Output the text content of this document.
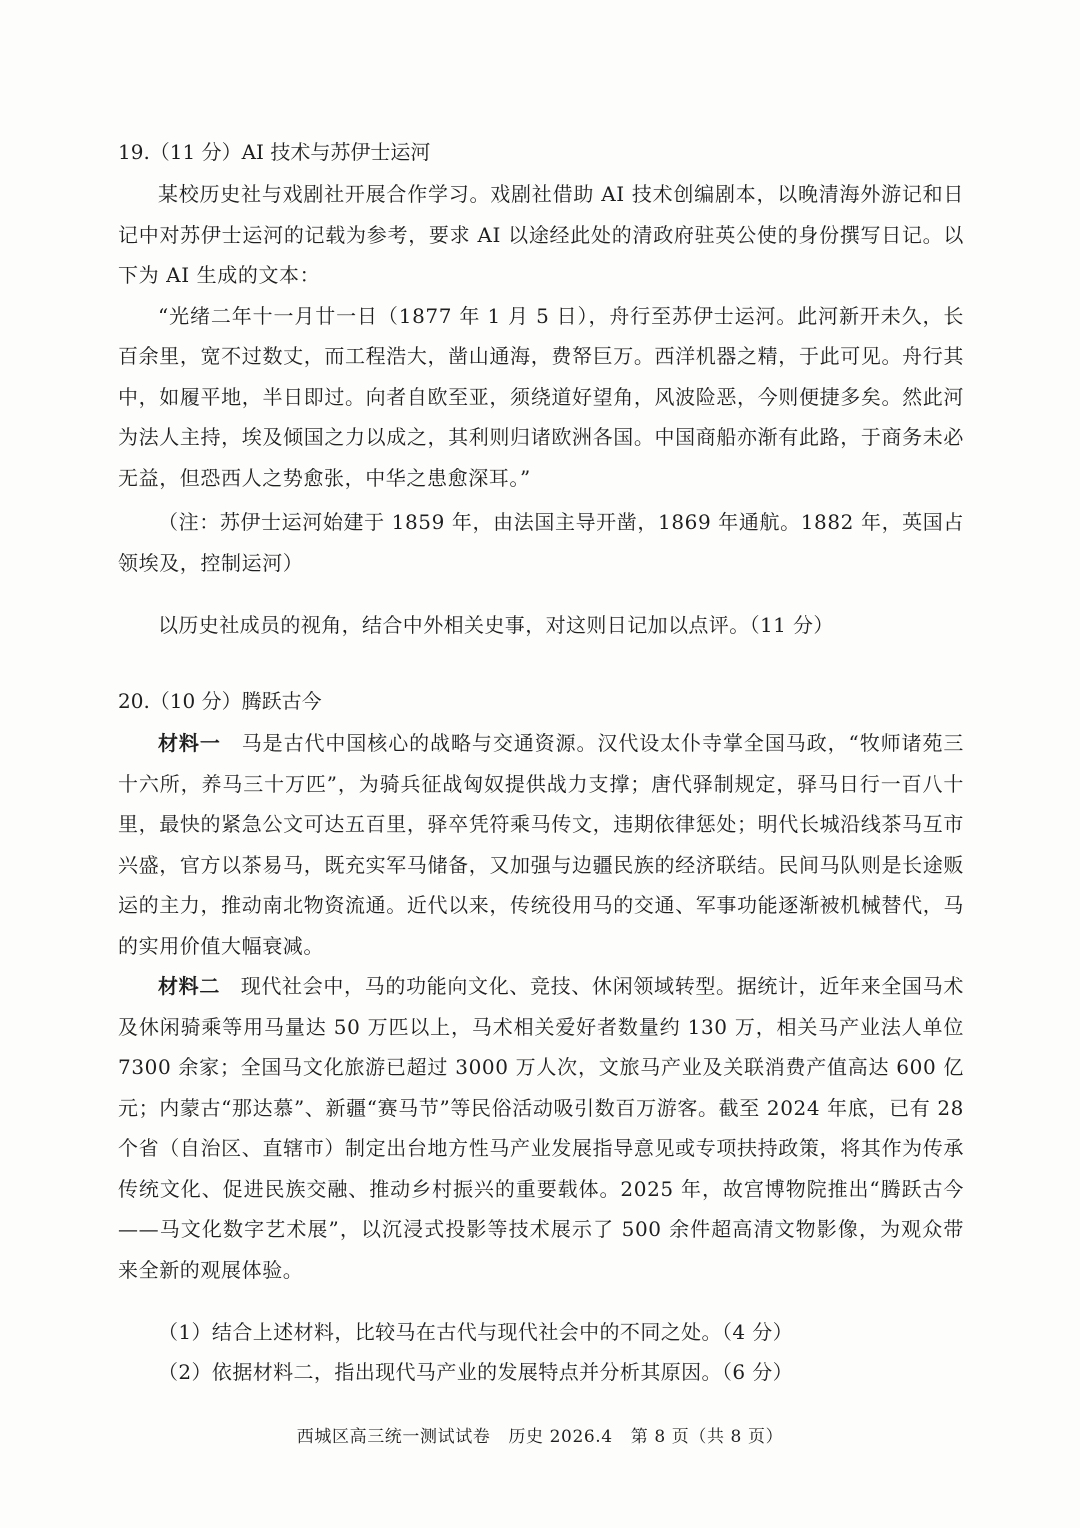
19.（11 分）AI 技术与苏伊士运河

某校历史社与戏剧社开展合作学习。戏剧社借助 AI 技术创编剧本，以晚清海外游记和日记中对苏伊士运河的记载为参考，要求 AI 以途经此处的清政府驻英公使的身份撰写日记。以下为 AI 生成的文本：

“光绪二年十一月廿一日（1877 年 1 月 5 日），舟行至苏伊士运河。此河新开未久，长百余里，宽不过数丈，而工程浩大，凿山通海，费帑巨万。西洋机器之精，于此可见。舟行其中，如履平地，半日即过。向者自欧至亚，须绕道好望角，风波险恶，今则便捷多矣。然此河为法人主持，埃及倾国之力以成之，其利则归诸欧洲各国。中国商船亦渐有此路，于商务未必无益，但恐西人之势愈张，中华之患愈深耳。”

（注：苏伊士运河始建于 1859 年，由法国主导开凿，1869 年通航。1882 年，英国占领埃及，控制运河）

以历史社成员的视角，结合中外相关史事，对这则日记加以点评。（11 分）

20.（10 分）腾跃古今

材料一　 马是古代中国核心的战略与交通资源。汉代设太仆寺掌全国马政，“牧师诸苑三十六所，养马三十万匹”，为骑兵征战匈奴提供战力支撑；唐代驿制规定，驿马日行一百八十里，最快的紧急公文可达五百里，驿卒凭符乘马传文，违期依律惩处；明代长城沿线茶马互市兴盛，官方以茶易马，既充实军马储备，又加强与边疆民族的经济联结。民间马队则是长途贩运的主力，推动南北物资流通。近代以来，传统役用马的交通、军事功能逐渐被机械替代，马的实用价值大幅衰减。

材料二　 现代社会中，马的功能向文化、竞技、休闲领域转型。据统计，近年来全国马术及休闲骑乘等用马量达 50 万匹以上，马术相关爱好者数量约 130 万，相关马产业法人单位 7300 余家；全国马文化旅游已超过 3000 万人次，文旅马产业及关联消费产值高达 600 亿元；内蒙古“那达慕”、新疆“赛马节”等民俗活动吸引数百万游客。截至 2024 年底，已有 28 个省（自治区、直辖市）制定出台地方性马产业发展指导意见或专项扶持政策，将其作为传承传统文化、促进民族交融、推动乡村振兴的重要载体。2025 年，故宫博物院推出“腾跃古今——马文化数字艺术展”，以沉浸式投影等技术展示了 500 余件超高清文物影像，为观众带来全新的观展体验。

（1）结合上述材料，比较马在古代与现代社会中的不同之处。（4 分）

（2）依据材料二，指出现代马产业的发展特点并分析其原因。（6 分）

西城区高三统一测试试卷 历史 2026.4 第 8 页（共 8 页）
